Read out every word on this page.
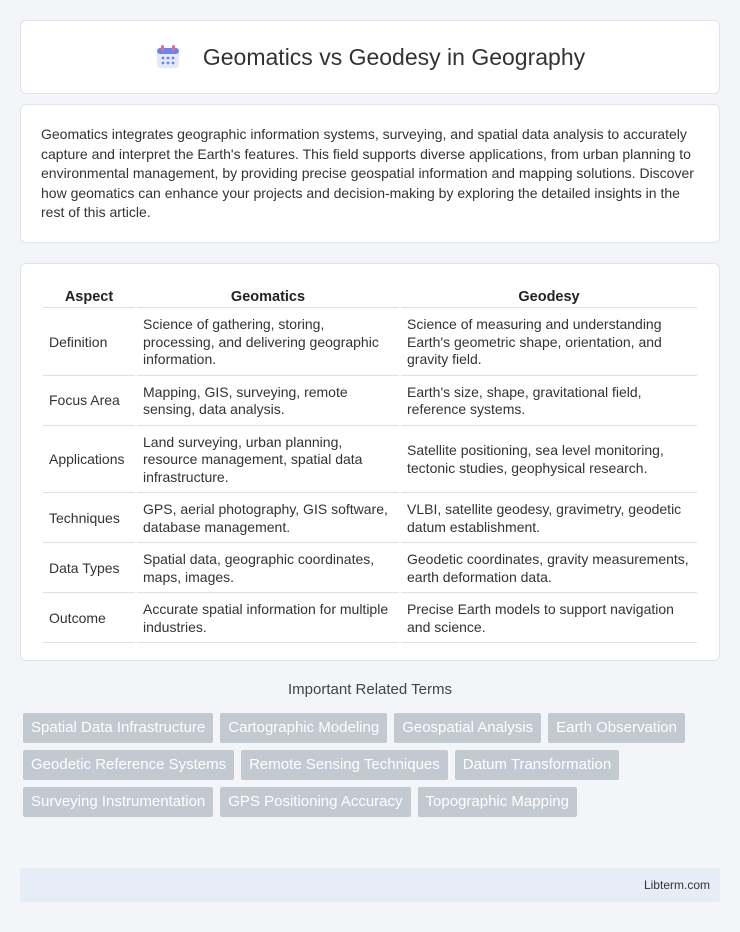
Geomatics vs Geodesy in Geography

Geomatics integrates geographic information systems, surveying, and spatial data analysis to accurately capture and interpret the Earth's features. This field supports diverse applications, from urban planning to environmental management, by providing precise geospatial information and mapping solutions. Discover how geomatics can enhance your projects and decision-making by exploring the detailed insights in the rest of this article.

Aspect	Geomatics	Geodesy
Definition	Science of gathering, storing, processing, and delivering geographic information.	Science of measuring and understanding Earth's geometric shape, orientation, and gravity field.
Focus Area	Mapping, GIS, surveying, remote sensing, data analysis.	Earth's size, shape, gravitational field, reference systems.
Applications	Land surveying, urban planning, resource management, spatial data infrastructure.	Satellite positioning, sea level monitoring, tectonic studies, geophysical research.
Techniques	GPS, aerial photography, GIS software, database management.	VLBI, satellite geodesy, gravimetry, geodetic datum establishment.
Data Types	Spatial data, geographic coordinates, maps, images.	Geodetic coordinates, gravity measurements, earth deformation data.
Outcome	Accurate spatial information for multiple industries.	Precise Earth models to support navigation and science.
Important Related Terms
Spatial Data Infrastructure	Cartographic Modeling	Geospatial Analysis	Earth Observation
Geodetic Reference Systems	Remote Sensing Techniques	Datum Transformation
Surveying Instrumentation	GPS Positioning Accuracy	Topographic Mapping
Libterm.com
